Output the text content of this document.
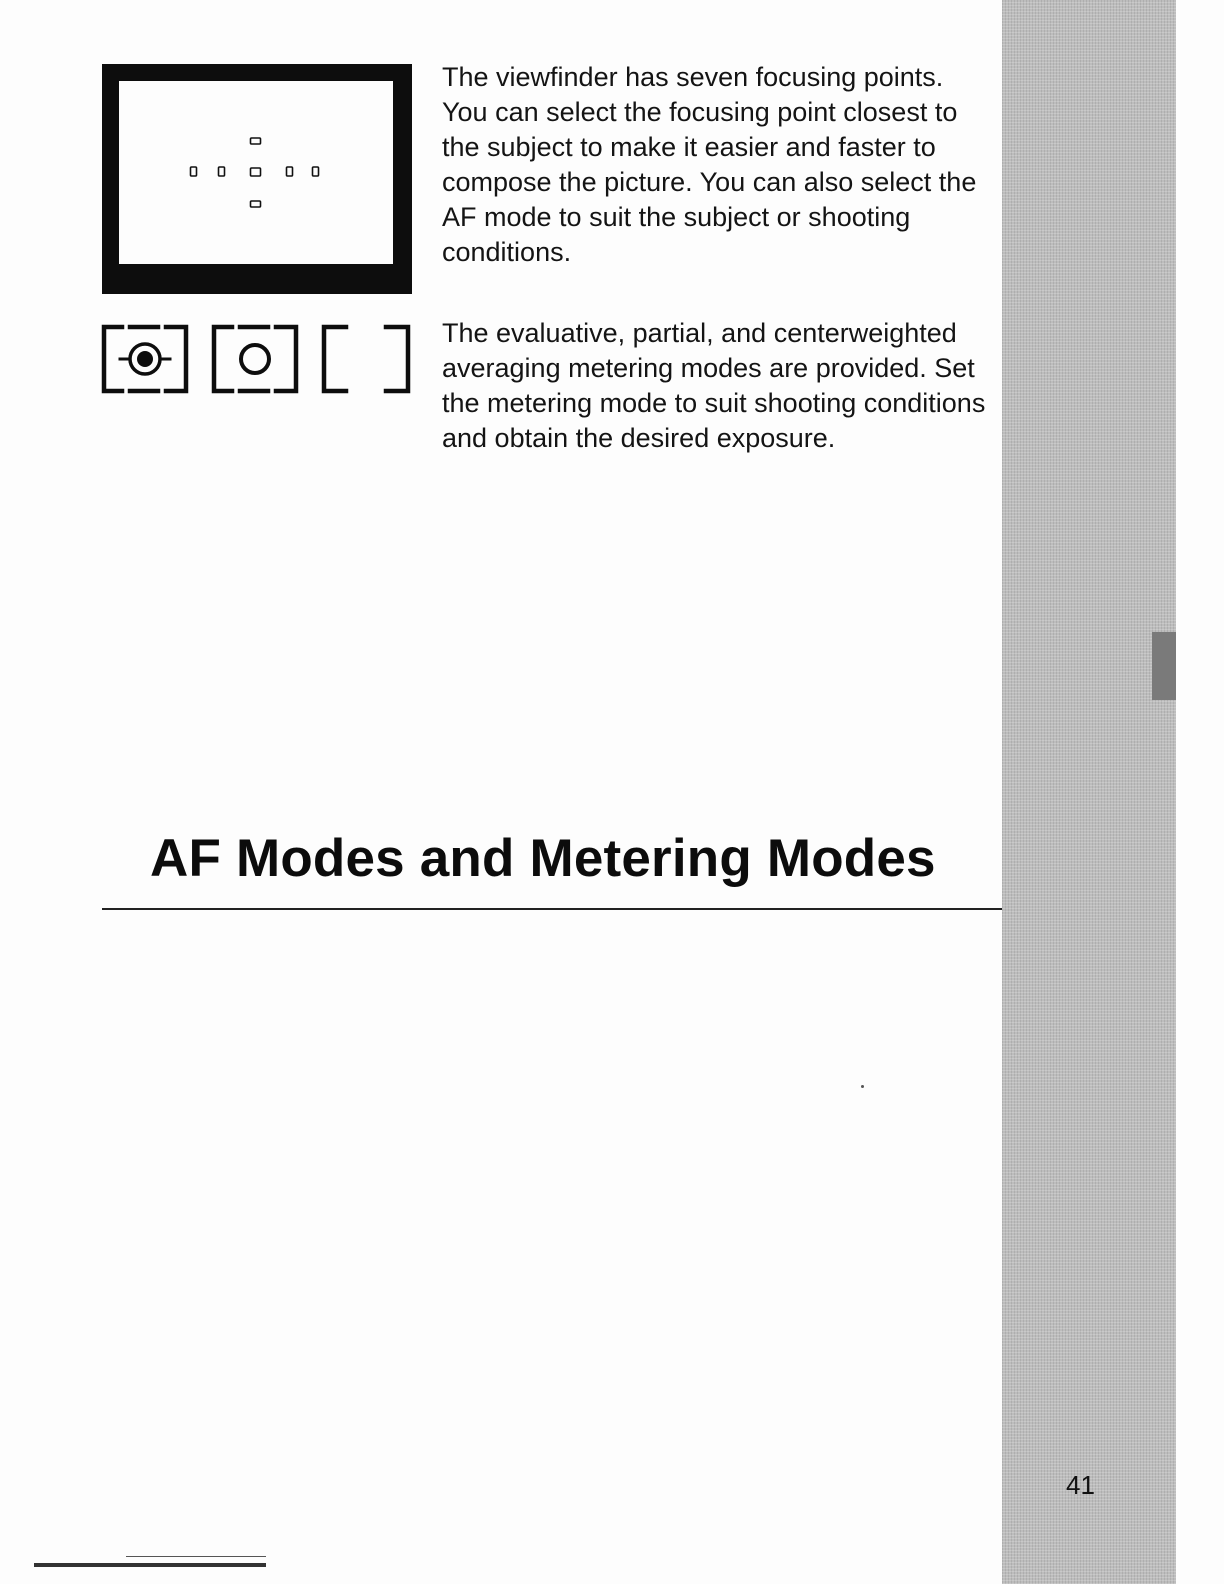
The viewfinder has seven focusing points. You can select the focusing point closest to the subject to make it easier and faster to compose the picture. You can also select the AF mode to suit the subject or shooting conditions.

The evaluative, partial, and centerweighted averaging metering modes are provided. Set the metering mode to suit shooting conditions and obtain the desired exposure.

AF Modes and Metering Modes
41
